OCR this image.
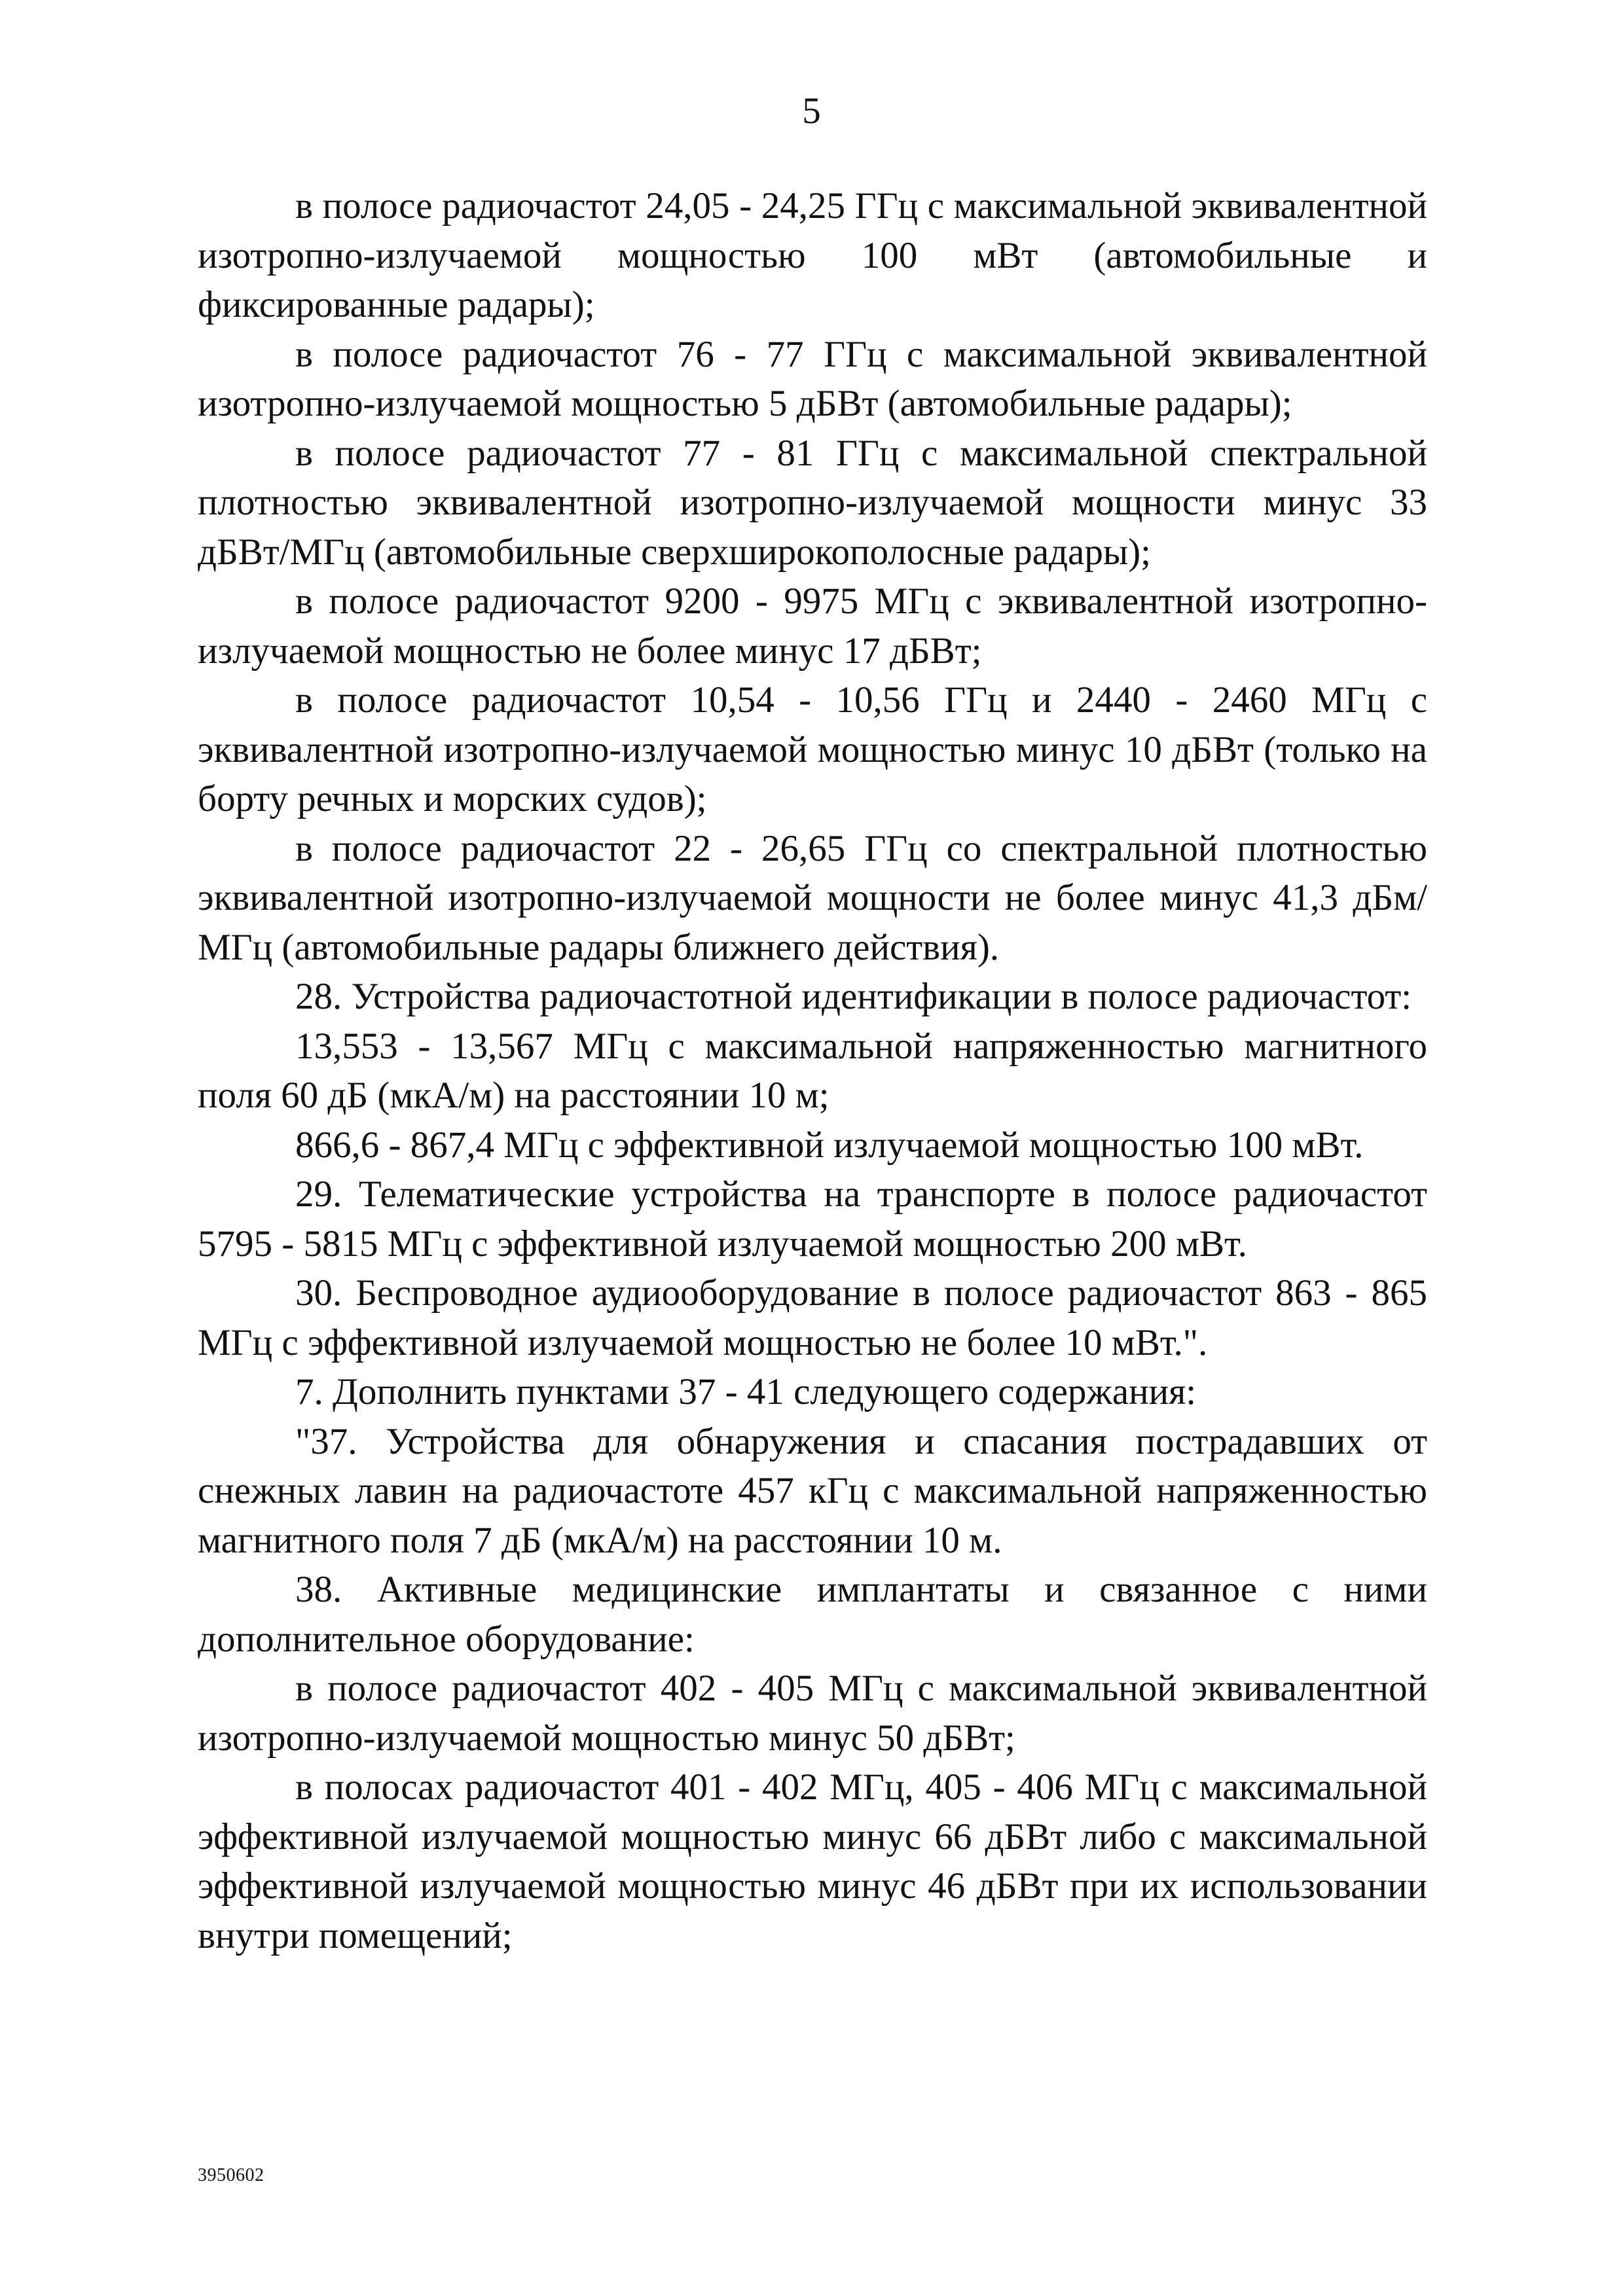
5

в полосе радиочастот 24,05 - 24,25 ГГц с максимальной эквивалентной изотропно-излучаемой мощностью 100 мВт (автомобильные и фиксированные радары);

в полосе радиочастот 76 - 77 ГГц с максимальной эквивалентной изотропно-излучаемой мощностью 5 дБВт (автомобильные радары);

в полосе радиочастот 77 - 81 ГГц с максимальной спектральной плотностью эквивалентной изотропно-излучаемой мощности минус 33 дБВт/МГц (автомобильные сверхширокополосные радары);

в полосе радиочастот 9200 - 9975 МГц с эквивалентной изотропно-излучаемой мощностью не более минус 17 дБВт;

в полосе радиочастот 10,54 - 10,56 ГГц и 2440 - 2460 МГц с эквивалентной изотропно-излучаемой мощностью минус 10 дБВт (только на борту речных и морских судов);

в полосе радиочастот 22 - 26,65 ГГц со спектральной плотностью эквивалентной изотропно-излучаемой мощности не более минус 41,3 дБм/МГц (автомобильные радары ближнего действия).

28. Устройства радиочастотной идентификации в полосе радиочастот:

13,553 - 13,567 МГц с максимальной напряженностью магнитного поля 60 дБ (мкА/м) на расстоянии 10 м;

866,6 - 867,4 МГц с эффективной излучаемой мощностью 100 мВт.

29. Телематические устройства на транспорте в полосе радиочастот 5795 - 5815 МГц с эффективной излучаемой мощностью 200 мВт.

30. Беспроводное аудиооборудование в полосе радиочастот 863 - 865 МГц с эффективной излучаемой мощностью не более 10 мВт.".

7. Дополнить пунктами 37 - 41 следующего содержания:

"37. Устройства для обнаружения и спасания пострадавших от снежных лавин на радиочастоте 457 кГц с максимальной напряженностью магнитного поля 7 дБ (мкА/м) на расстоянии 10 м.

38. Активные медицинские имплантаты и связанное с ними дополнительное оборудование:

в полосе радиочастот 402 - 405 МГц с максимальной эквивалентной изотропно-излучаемой мощностью минус 50 дБВт;

в полосах радиочастот 401 - 402 МГц, 405 - 406 МГц с максимальной эффективной излучаемой мощностью минус 66 дБВт либо с максимальной эффективной излучаемой мощностью минус 46 дБВт при их использовании внутри помещений;

3950602
